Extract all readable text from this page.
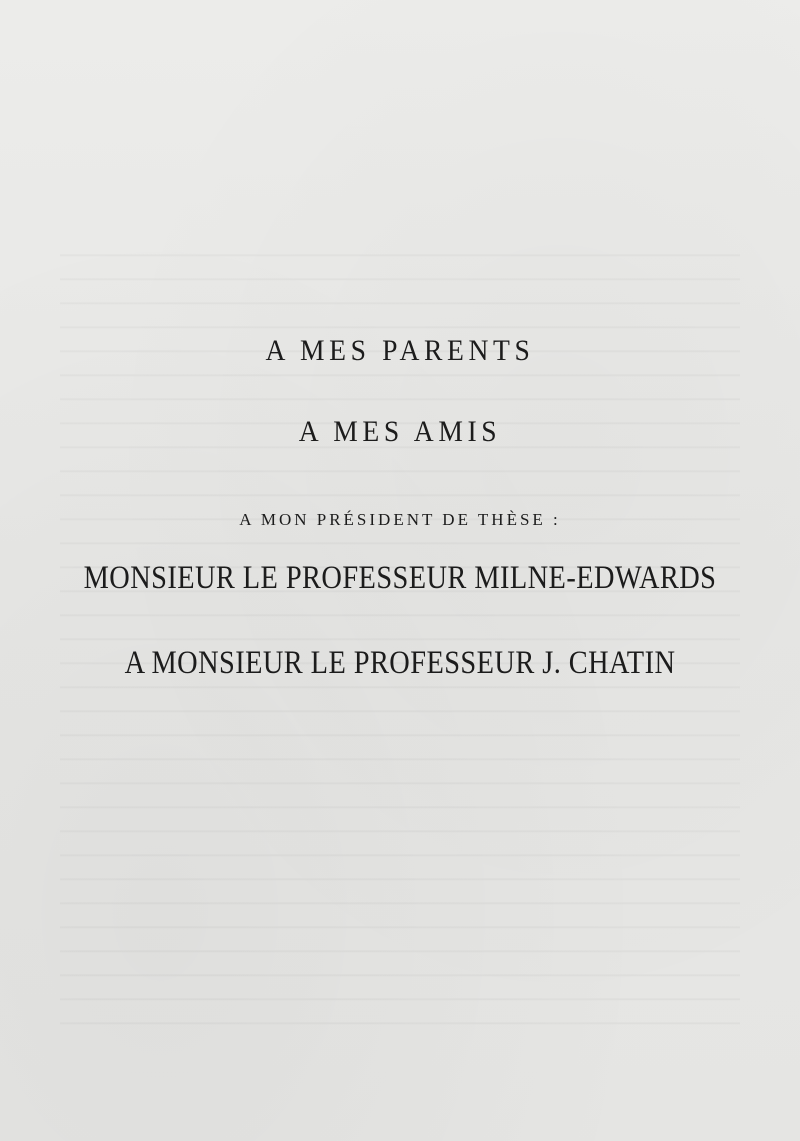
A MES PARENTS
A MES AMIS
A MON PRÉSIDENT DE THÈSE :
MONSIEUR LE PROFESSEUR MILNE-EDWARDS
A MONSIEUR LE PROFESSEUR J. CHATIN
